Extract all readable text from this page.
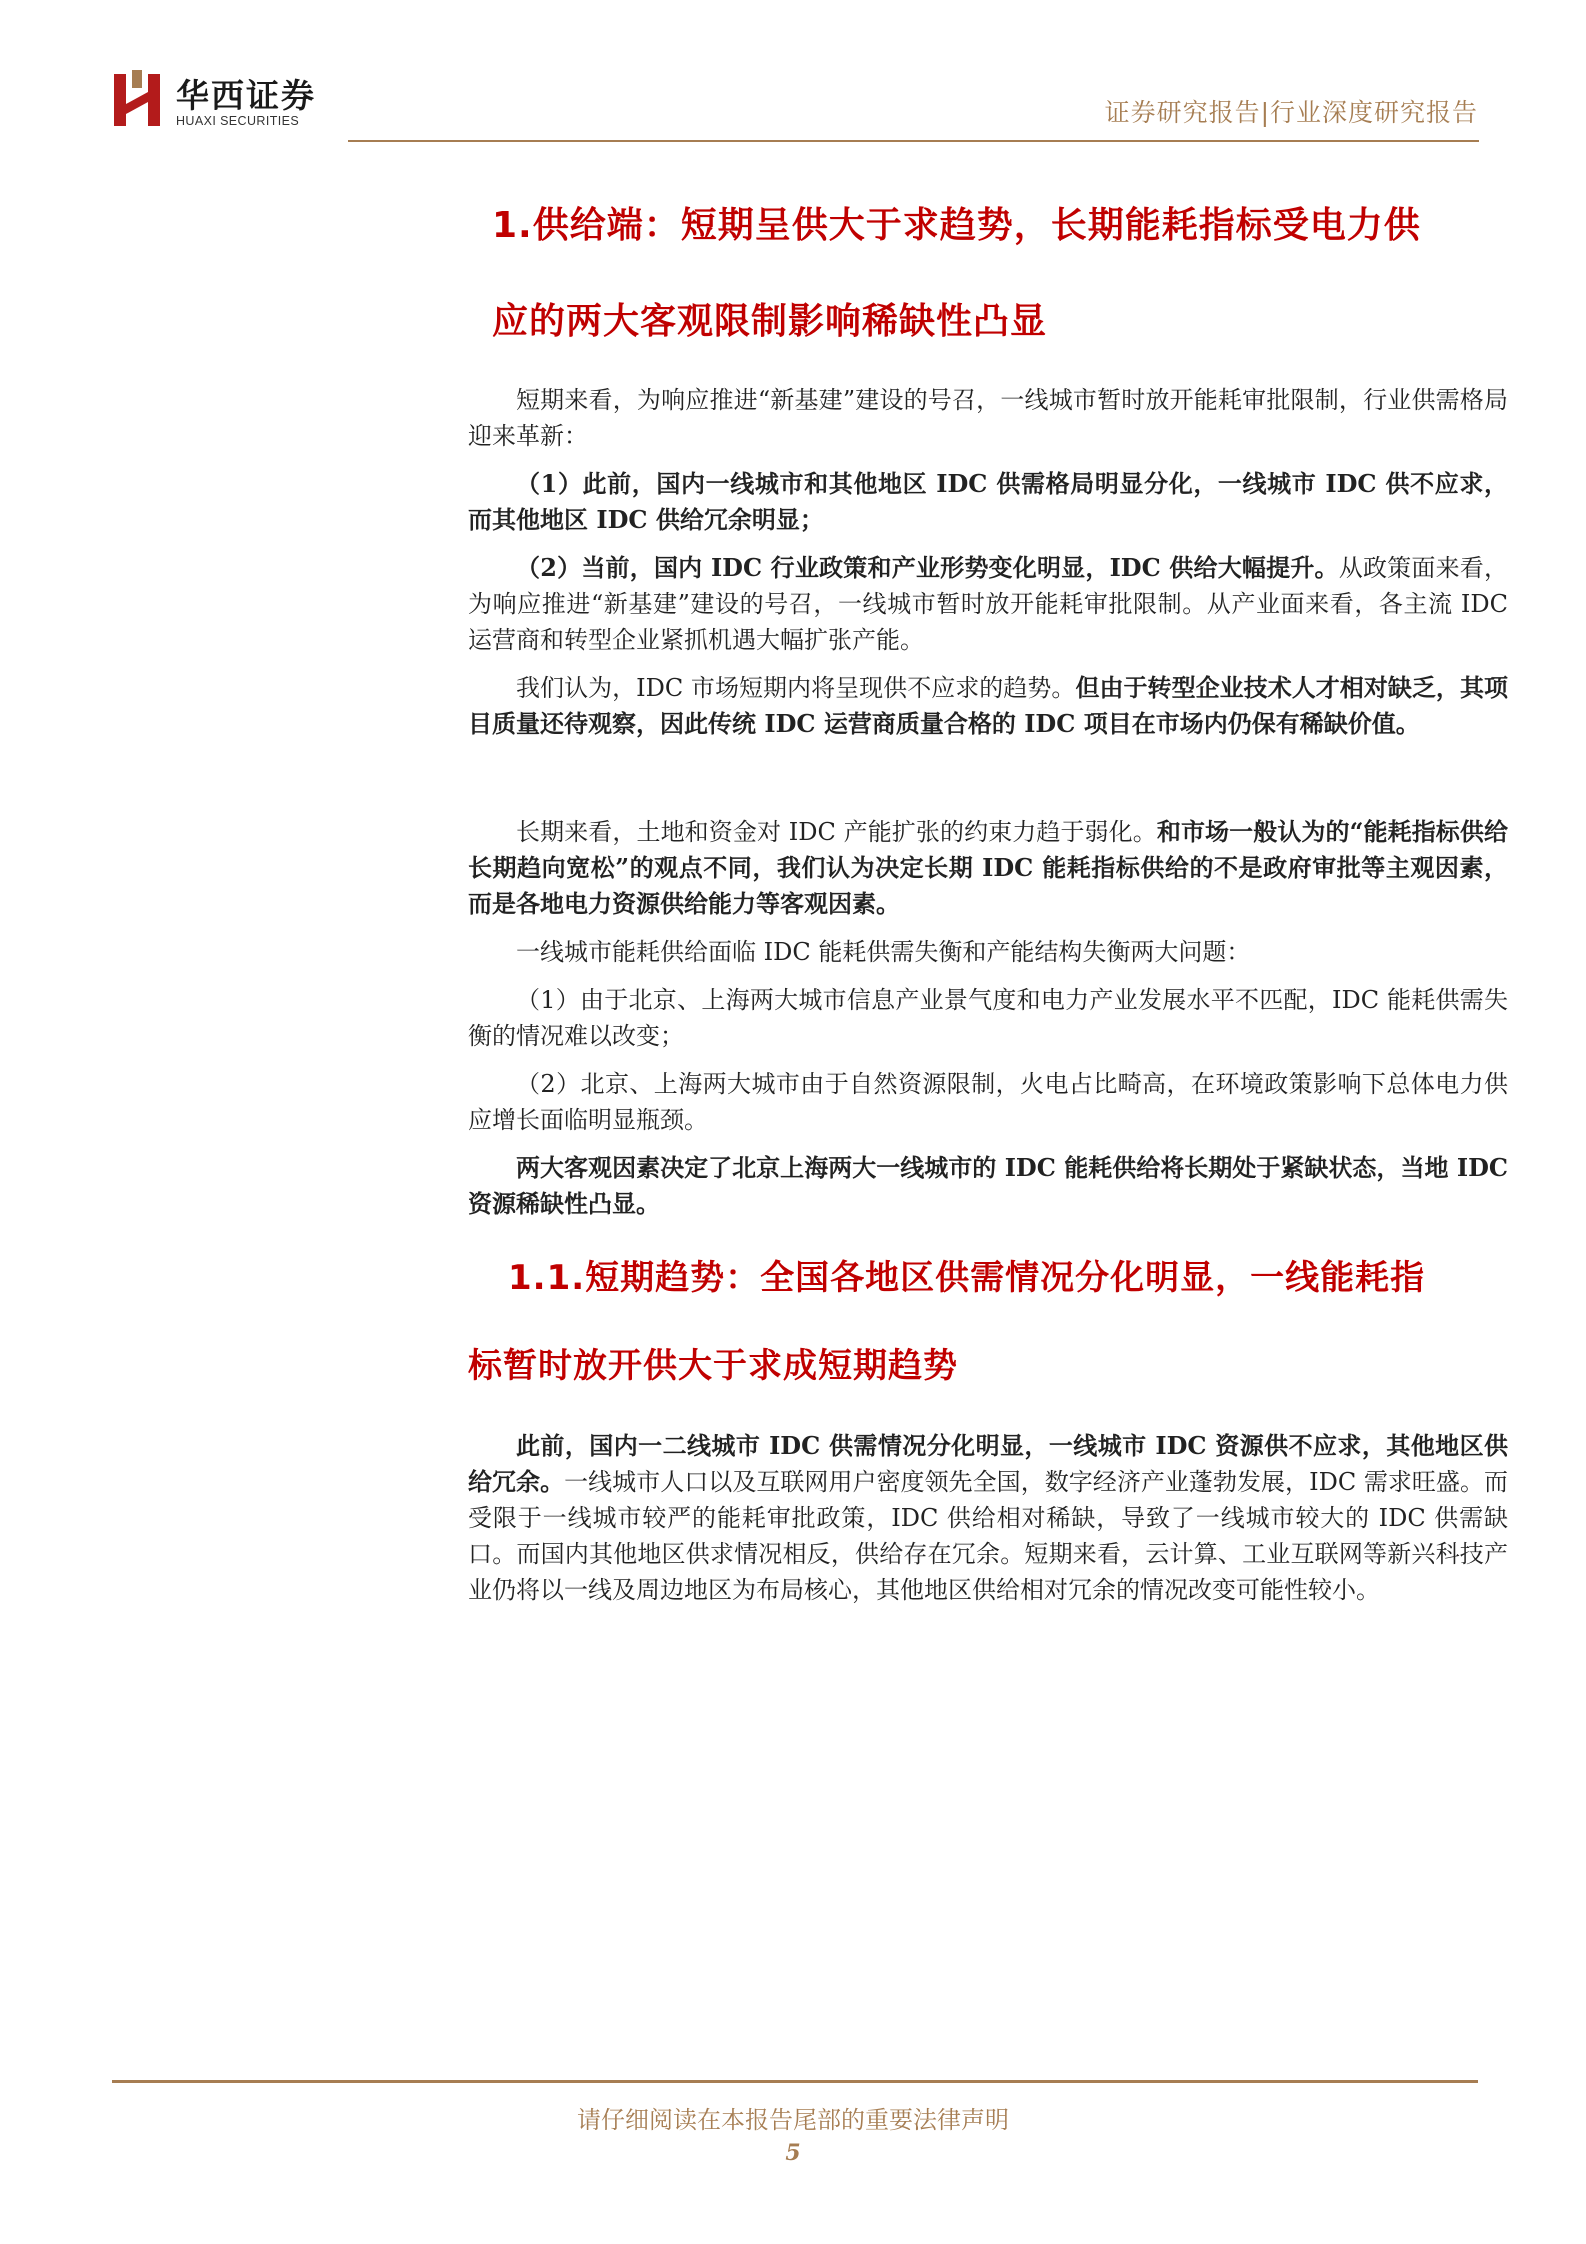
华西证券
HUAXI SECURITIES	证券研究报告|行业深度研究报告
1.供给端：短期呈供大于求趋势，长期能耗指标受电力供
应的两大客观限制影响稀缺性凸显

短期来看，为响应推进“新基建”建设的号召，一线城市暂时放开能耗审批限制，行业供需格局迎来革新：

（1）此前，国内一线城市和其他地区 IDC 供需格局明显分化，一线城市 IDC 供不应求，而其他地区 IDC 供给冗余明显；

（2）当前，国内 IDC 行业政策和产业形势变化明显，IDC 供给大幅提升。从政策面来看，为响应推进“新基建”建设的号召，一线城市暂时放开能耗审批限制。从产业面来看，各主流 IDC 运营商和转型企业紧抓机遇大幅扩张产能。

我们认为，IDC 市场短期内将呈现供不应求的趋势。但由于转型企业技术人才相对缺乏，其项目质量还待观察，因此传统 IDC 运营商质量合格的 IDC 项目在市场内仍保有稀缺价值。

长期来看，土地和资金对 IDC 产能扩张的约束力趋于弱化。和市场一般认为的“能耗指标供给长期趋向宽松”的观点不同，我们认为决定长期 IDC 能耗指标供给的不是政府审批等主观因素，而是各地电力资源供给能力等客观因素。

一线城市能耗供给面临 IDC 能耗供需失衡和产能结构失衡两大问题：

（1）由于北京、上海两大城市信息产业景气度和电力产业发展水平不匹配，IDC 能耗供需失衡的情况难以改变；

（2）北京、上海两大城市由于自然资源限制，火电占比畸高，在环境政策影响下总体电力供应增长面临明显瓶颈。

两大客观因素决定了北京上海两大一线城市的 IDC 能耗供给将长期处于紧缺状态，当地 IDC 资源稀缺性凸显。

1.1.短期趋势：全国各地区供需情况分化明显，一线能耗指
标暂时放开供大于求成短期趋势

此前，国内一二线城市 IDC 供需情况分化明显，一线城市 IDC 资源供不应求，其他地区供给冗余。一线城市人口以及互联网用户密度领先全国，数字经济产业蓬勃发展，IDC 需求旺盛。而受限于一线城市较严的能耗审批政策，IDC 供给相对稀缺，导致了一线城市较大的 IDC 供需缺口。而国内其他地区供求情况相反，供给存在冗余。短期来看，云计算、工业互联网等新兴科技产业仍将以一线及周边地区为布局核心，其他地区供给相对冗余的情况改变可能性较小。

请仔细阅读在本报告尾部的重要法律声明
5
